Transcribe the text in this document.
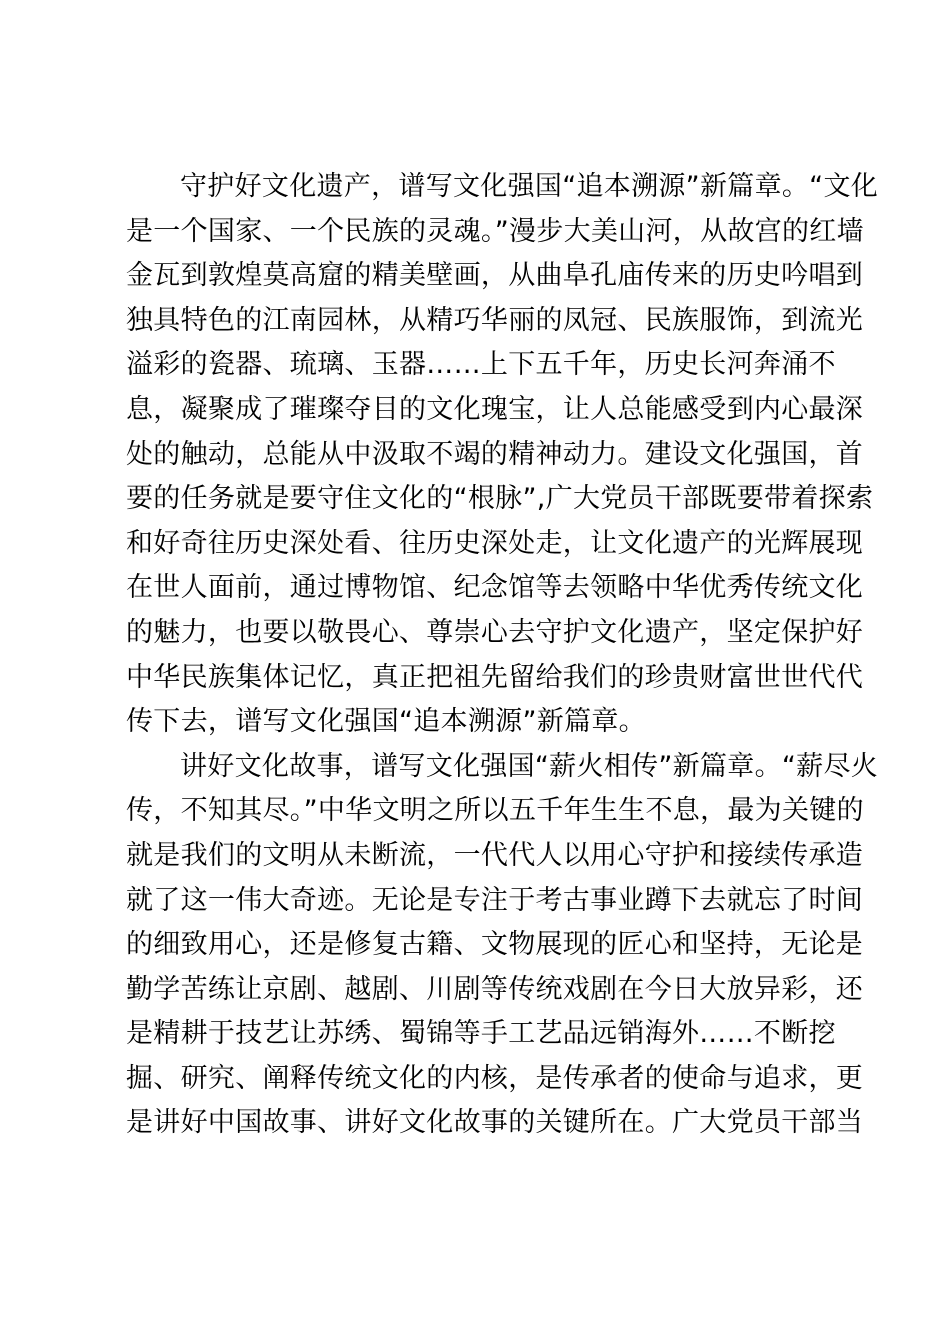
守护好文化遗产，谱写文化强国“追本溯源”新篇章。“文化
是一个国家、一个民族的灵魂。”漫步大美山河，从故宫的红墙
金瓦到敦煌莫高窟的精美壁画，从曲阜孔庙传来的历史吟唱到
独具特色的江南园林，从精巧华丽的凤冠、民族服饰，到流光
溢彩的瓷器、琉璃、玉器……上下五千年，历史长河奔涌不
息，凝聚成了璀璨夺目的文化瑰宝，让人总能感受到内心最深
处的触动，总能从中汲取不竭的精神动力。建设文化强国，首
要的任务就是要守住文化的“根脉”,广大党员干部既要带着探索
和好奇往历史深处看、往历史深处走，让文化遗产的光辉展现
在世人面前，通过博物馆、纪念馆等去领略中华优秀传统文化
的魅力，也要以敬畏心、尊崇心去守护文化遗产，坚定保护好
中华民族集体记忆，真正把祖先留给我们的珍贵财富世世代代
传下去，谱写文化强国“追本溯源”新篇章。
讲好文化故事，谱写文化强国“薪火相传”新篇章。“薪尽火
传，不知其尽。”中华文明之所以五千年生生不息，最为关键的
就是我们的文明从未断流，一代代人以用心守护和接续传承造
就了这一伟大奇迹。无论是专注于考古事业蹲下去就忘了时间
的细致用心，还是修复古籍、文物展现的匠心和坚持，无论是
勤学苦练让京剧、越剧、川剧等传统戏剧在今日大放异彩，还
是精耕于技艺让苏绣、蜀锦等手工艺品远销海外……不断挖
掘、研究、阐释传统文化的内核，是传承者的使命与追求，更
是讲好中国故事、讲好文化故事的关键所在。广大党员干部当
